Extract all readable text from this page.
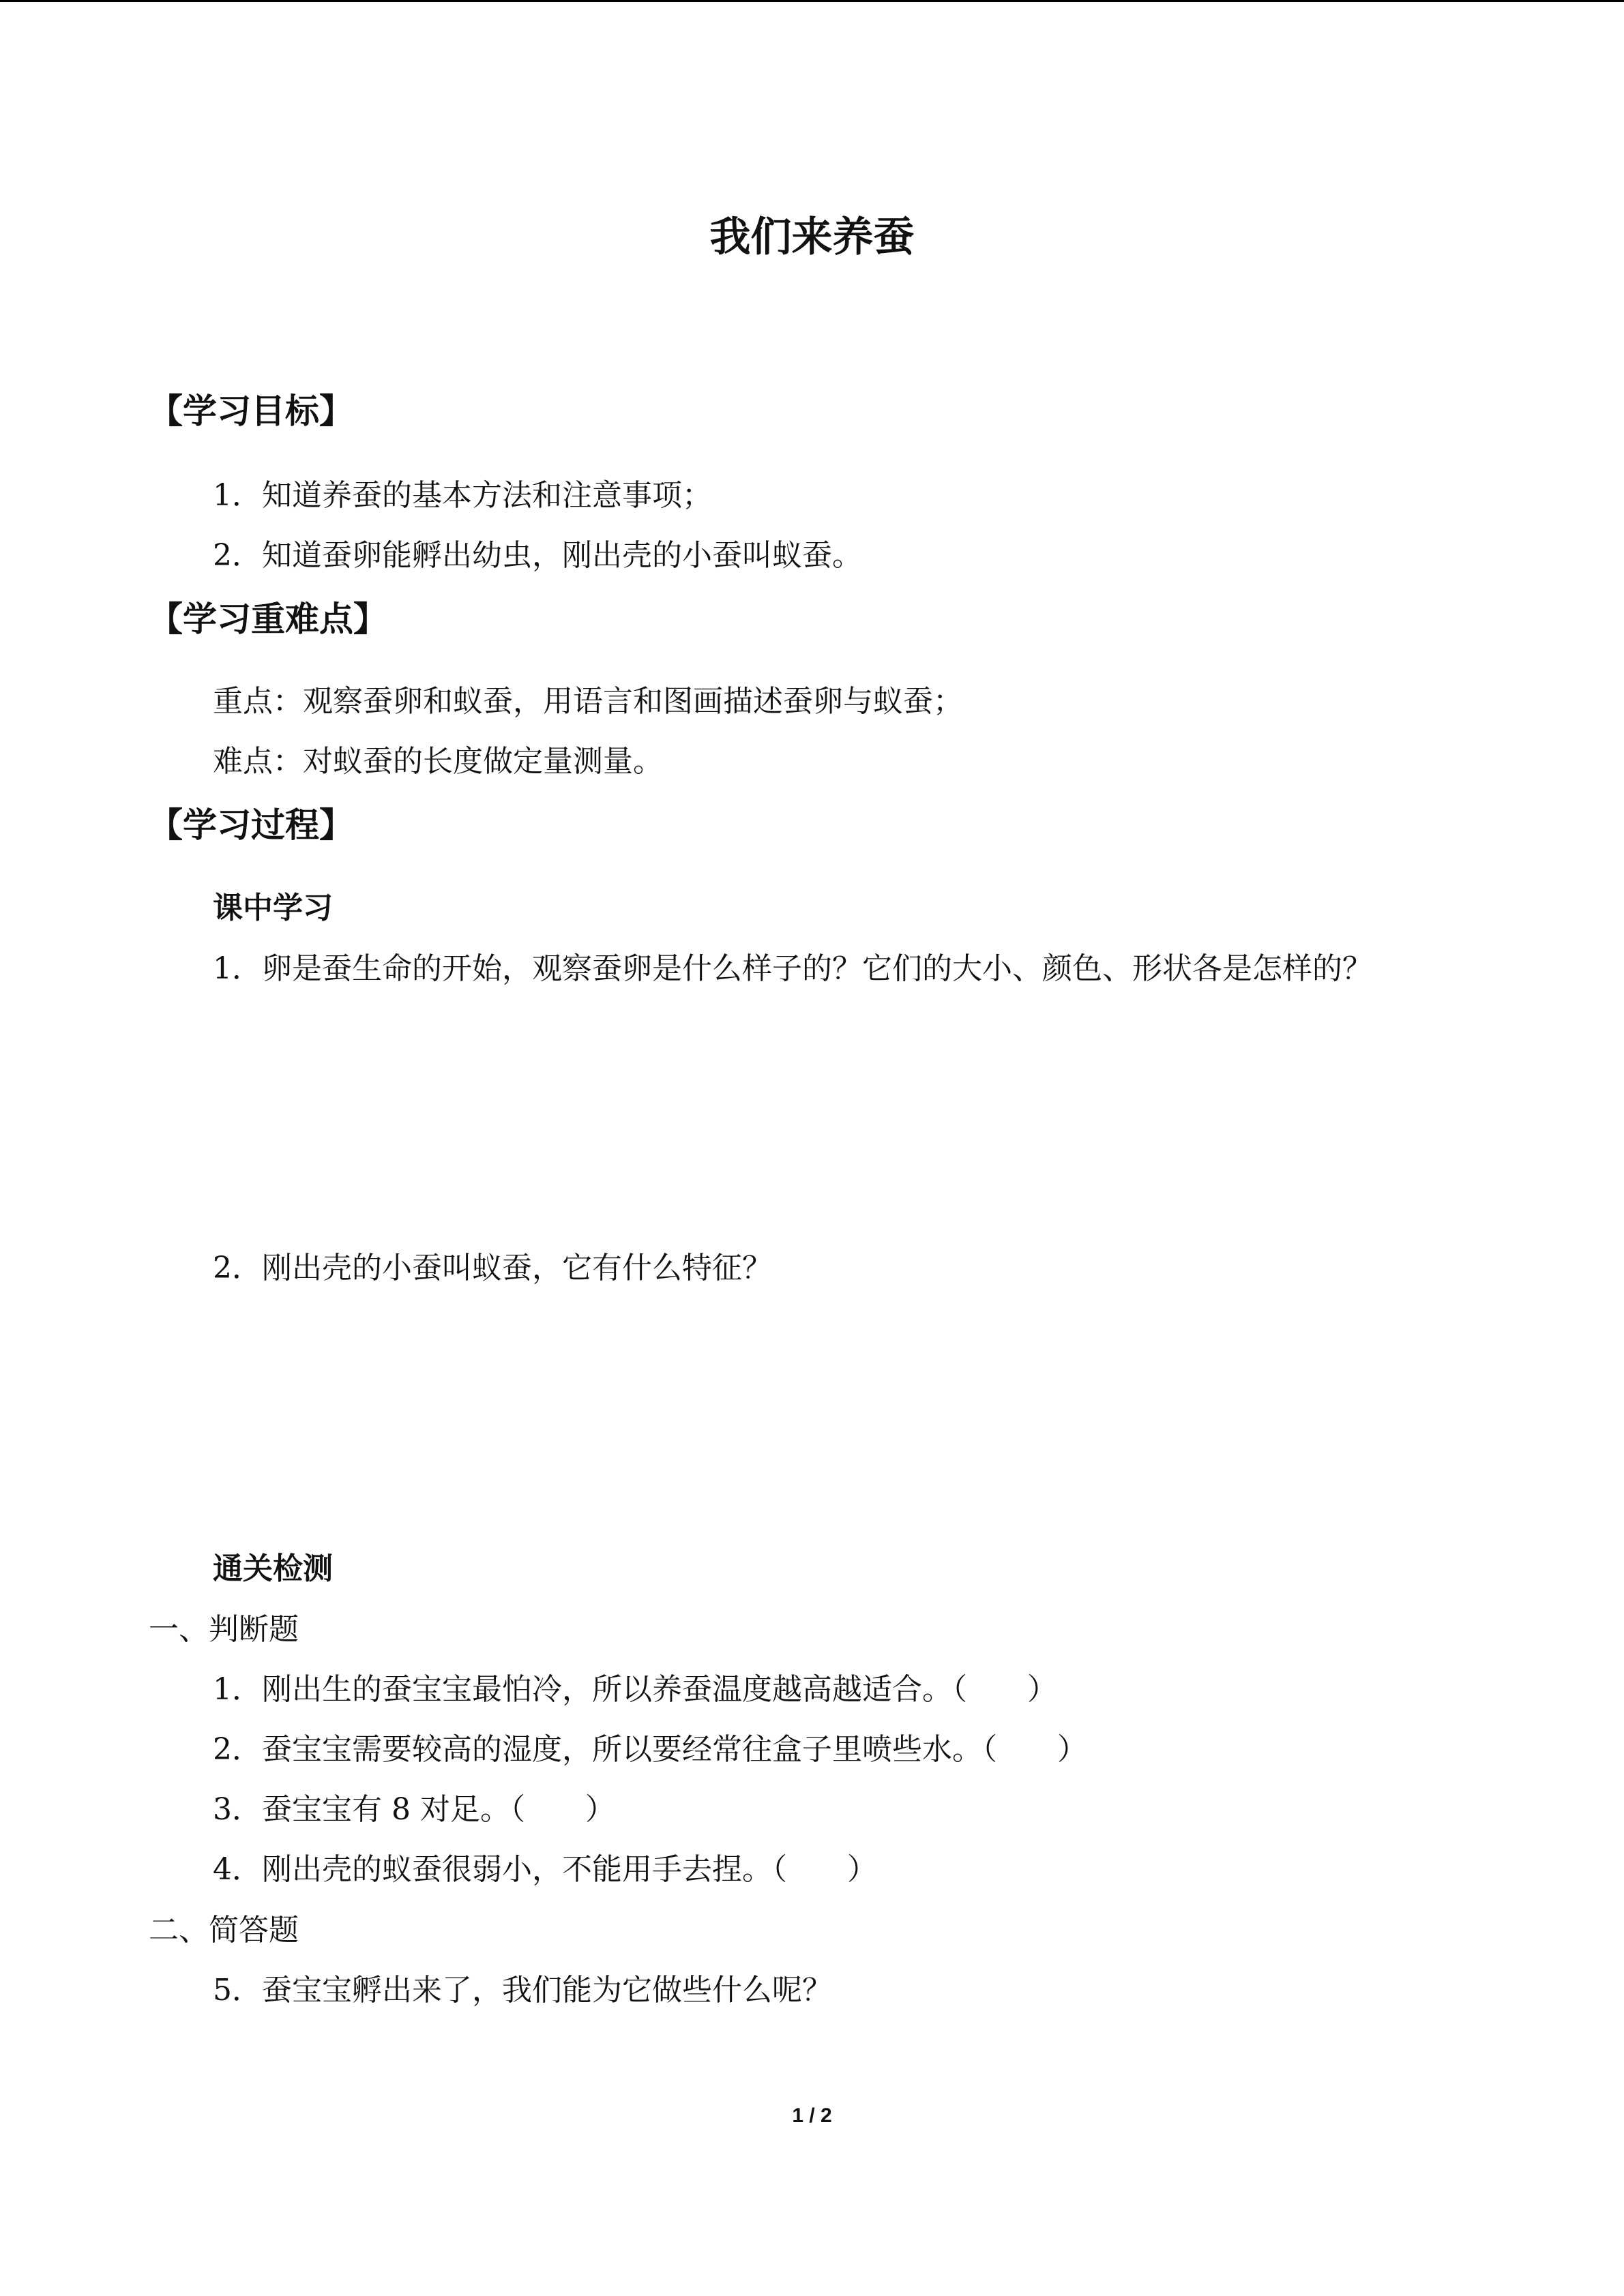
我们来养蚕
【学习目标】
1．知道养蚕的基本方法和注意事项；
2．知道蚕卵能孵出幼虫，刚出壳的小蚕叫蚁蚕。
【学习重难点】
重点：观察蚕卵和蚁蚕，用语言和图画描述蚕卵与蚁蚕；
难点：对蚁蚕的长度做定量测量。
【学习过程】
课中学习
1．卵是蚕生命的开始，观察蚕卵是什么样子的？它们的大小、颜色、形状各是怎样的？
2．刚出壳的小蚕叫蚁蚕，它有什么特征？
通关检测
一、判断题
1．刚出生的蚕宝宝最怕冷，所以养蚕温度越高越适合。（　　）
2．蚕宝宝需要较高的湿度，所以要经常往盒子里喷些水。（　　）
3．蚕宝宝有 8 对足。（　　）
4．刚出壳的蚁蚕很弱小，不能用手去捏。（　　）
二、简答题
5．蚕宝宝孵出来了，我们能为它做些什么呢？
1 / 2
